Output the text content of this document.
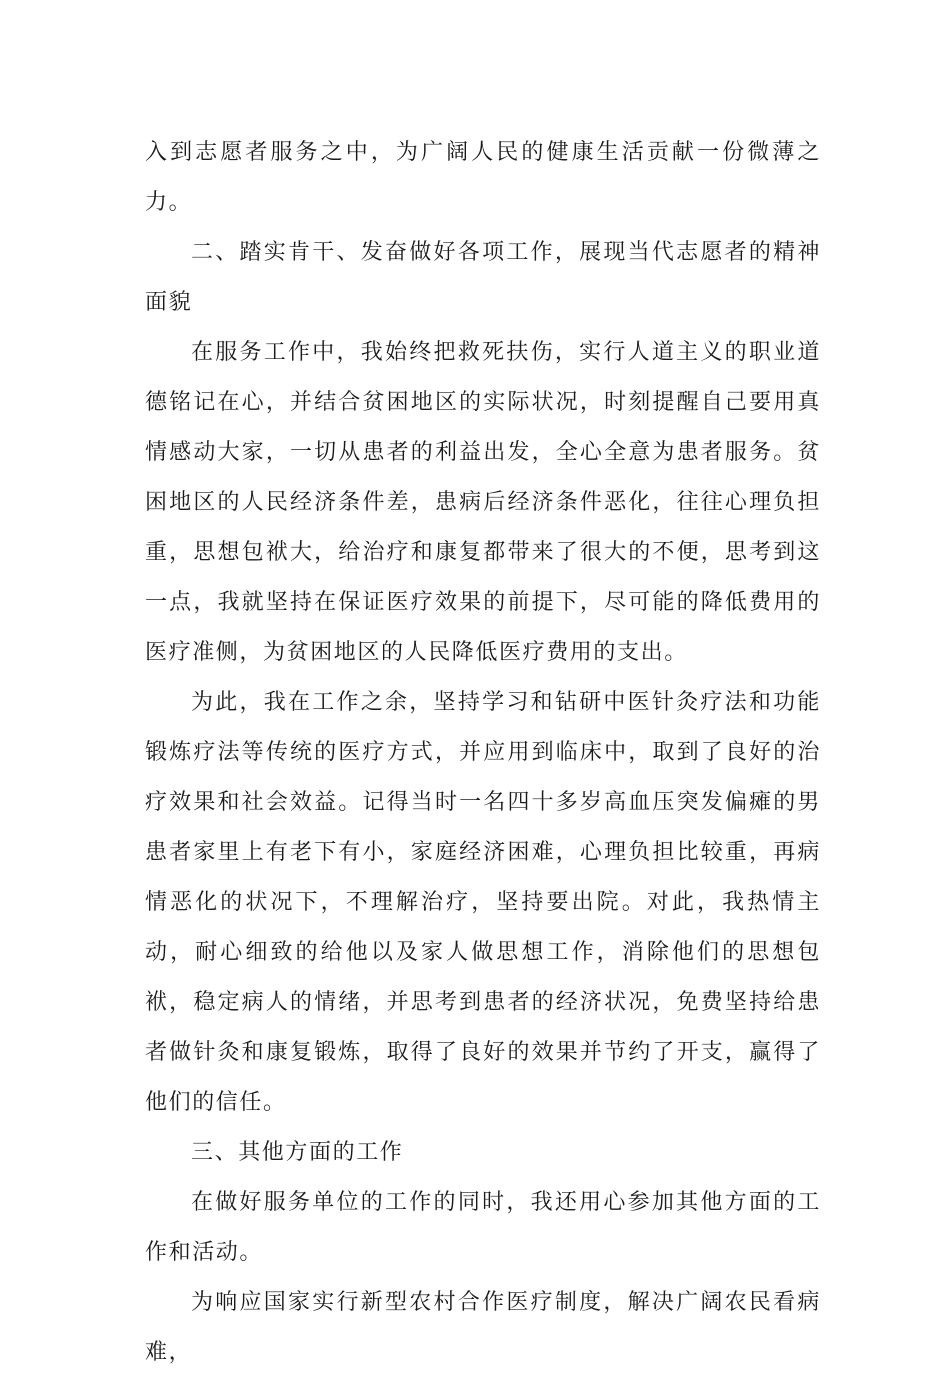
入到志愿者服务之中，为广阔人民的健康生活贡献一份微薄之力。

二、踏实肯干、发奋做好各项工作，展现当代志愿者的精神面貌

在服务工作中，我始终把救死扶伤，实行人道主义的职业道德铭记在心，并结合贫困地区的实际状况，时刻提醒自己要用真情感动大家，一切从患者的利益出发，全心全意为患者服务。贫困地区的人民经济条件差，患病后经济条件恶化，往往心理负担重，思想包袱大，给治疗和康复都带来了很大的不便，思考到这一点，我就坚持在保证医疗效果的前提下，尽可能的降低费用的医疗准侧，为贫困地区的人民降低医疗费用的支出。

为此，我在工作之余，坚持学习和钻研中医针灸疗法和功能锻炼疗法等传统的医疗方式，并应用到临床中，取到了良好的治疗效果和社会效益。记得当时一名四十多岁高血压突发偏瘫的男患者家里上有老下有小，家庭经济困难，心理负担比较重，再病情恶化的状况下，不理解治疗，坚持要出院。对此，我热情主动，耐心细致的给他以及家人做思想工作，消除他们的思想包袱，稳定病人的情绪，并思考到患者的经济状况，免费坚持给患者做针灸和康复锻炼，取得了良好的效果并节约了开支，赢得了他们的信任。

三、其他方面的工作

在做好服务单位的工作的同时，我还用心参加其他方面的工作和活动。

为响应国家实行新型农村合作医疗制度，解决广阔农民看病难，
